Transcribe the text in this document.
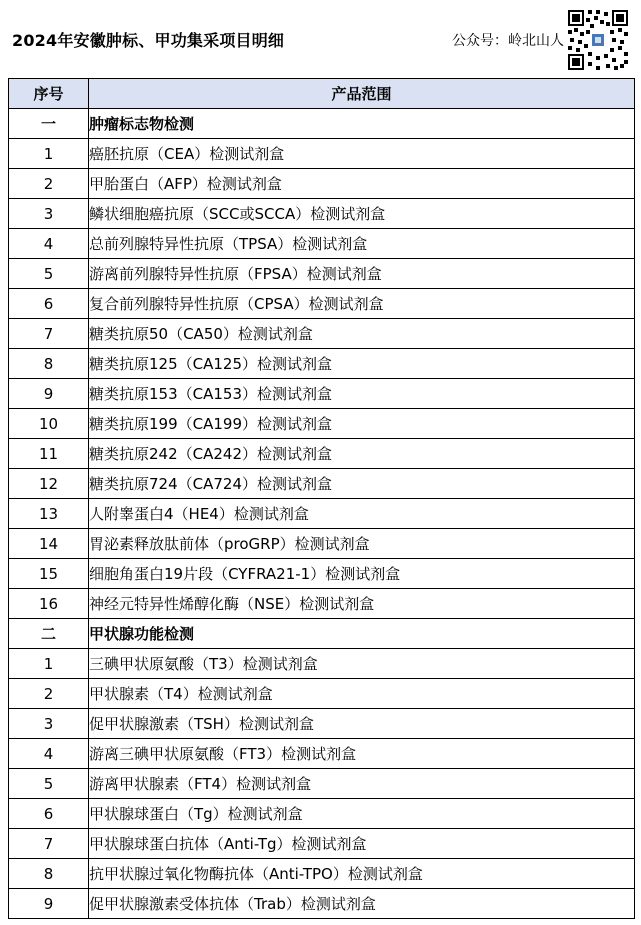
2024年安徽肿标、甲功集采项目明细	公众号：岭北山人
序号	产品范围
一	肿瘤标志物检测
1	癌胚抗原（CEA）检测试剂盒
2	甲胎蛋白（AFP）检测试剂盒
3	鳞状细胞癌抗原（SCC或SCCA）检测试剂盒
4	总前列腺特异性抗原（TPSA）检测试剂盒
5	游离前列腺特异性抗原（FPSA）检测试剂盒
6	复合前列腺特异性抗原（CPSA）检测试剂盒
7	糖类抗原50（CA50）检测试剂盒
8	糖类抗原125（CA125）检测试剂盒
9	糖类抗原153（CA153）检测试剂盒
10	糖类抗原199（CA199）检测试剂盒
11	糖类抗原242（CA242）检测试剂盒
12	糖类抗原724（CA724）检测试剂盒
13	人附睾蛋白4（HE4）检测试剂盒
14	胃泌素释放肽前体（proGRP）检测试剂盒
15	细胞角蛋白19片段（CYFRA21-1）检测试剂盒
16	神经元特异性烯醇化酶（NSE）检测试剂盒
二	甲状腺功能检测
1	三碘甲状原氨酸（T3）检测试剂盒
2	甲状腺素（T4）检测试剂盒
3	促甲状腺激素（TSH）检测试剂盒
4	游离三碘甲状原氨酸（FT3）检测试剂盒
5	游离甲状腺素（FT4）检测试剂盒
6	甲状腺球蛋白（Tg）检测试剂盒
7	甲状腺球蛋白抗体（Anti-Tg）检测试剂盒
8	抗甲状腺过氧化物酶抗体（Anti-TPO）检测试剂盒
9	促甲状腺激素受体抗体（Trab）检测试剂盒
